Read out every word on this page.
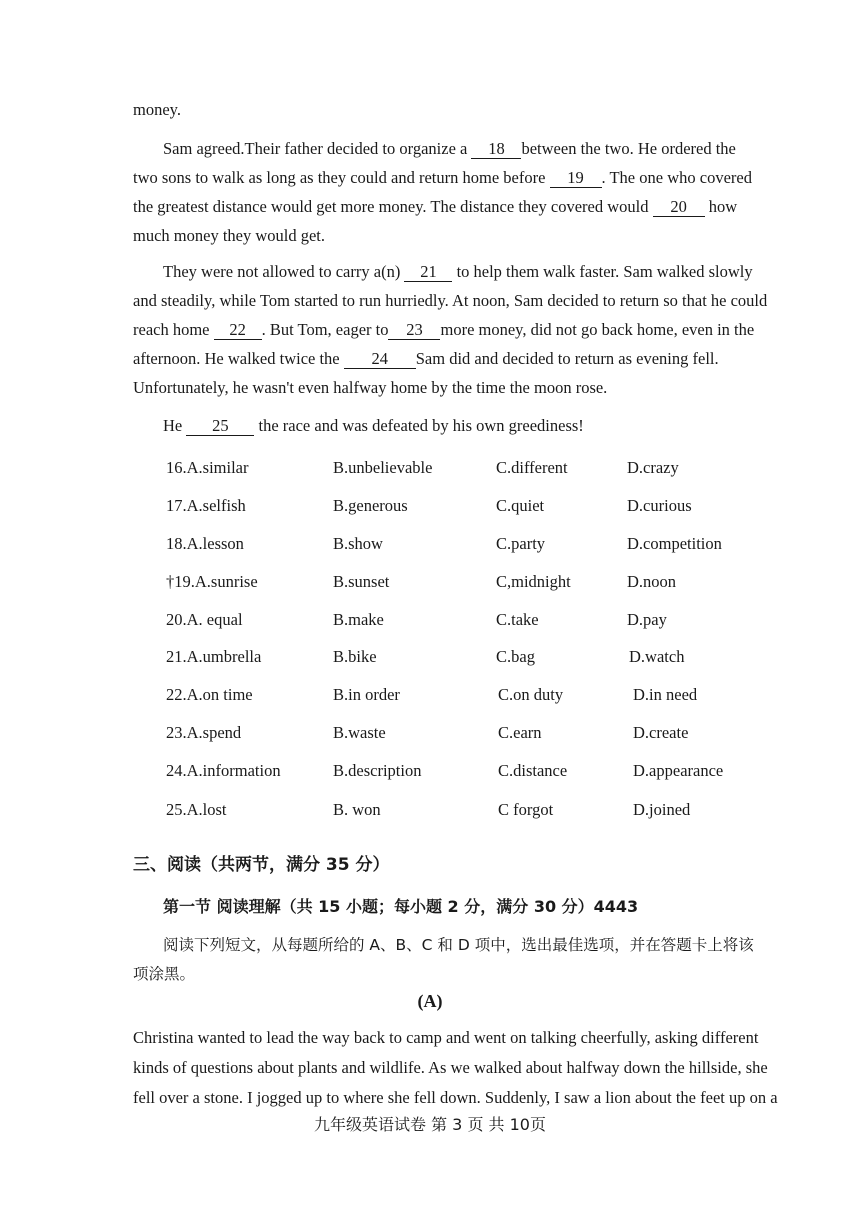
money.
Sam agreed.Their father decided to organize a 18 between the two. He ordered the
two sons to walk as long as they could and return home before 19 . The one who covered
the greatest distance would get more money. The distance they covered would 20 how
much money they would get.
They were not allowed to carry a(n) 21 to help them walk faster. Sam walked slowly
and steadily, while Tom started to run hurriedly. At noon, Sam decided to return so that he could
reach home 22 . But Tom, eager to 23 more money, did not go back home, even in the
afternoon. He walked twice the 24 Sam did and decided to return as evening fell.
Unfortunately, he wasn't even halfway home by the time the moon rose.
He 25 the race and was defeated by his own greediness!
16.A.similar	B.unbelievable	C.different	D.crazy
17.A.selfish	B.generous	C.quiet	D.curious
18.A.lesson	B.show	C.party	D.competition
†19.A.sunrise	B.sunset	C,midnight	D.noon
20.A. equal	B.make	C.take	D.pay
21.A.umbrella	B.bike	C.bag	D.watch
22.A.on time	B.in order	C.on duty	D.in need
23.A.spend	B.waste	C.earn	D.create
24.A.information	B.description	C.distance	D.appearance
25.A.lost	B. won	C forgot	D.joined
三、阅读（共两节，满分 35 分）
第一节 阅读理解（共 15 小题；每小题 2 分，满分 30 分）4443
阅读下列短文，从每题所给的 A、B、C 和 D 项中，选出最佳选项，并在答题卡上将该
项涂黑。
(A)
Christina wanted to lead the way back to camp and went on talking cheerfully, asking different
kinds of questions about plants and wildlife. As we walked about halfway down the hillside, she
fell over a stone. I jogged up to where she fell down. Suddenly, I saw a lion about the feet up on a
九年级英语试卷 第 3 页 共 10页
